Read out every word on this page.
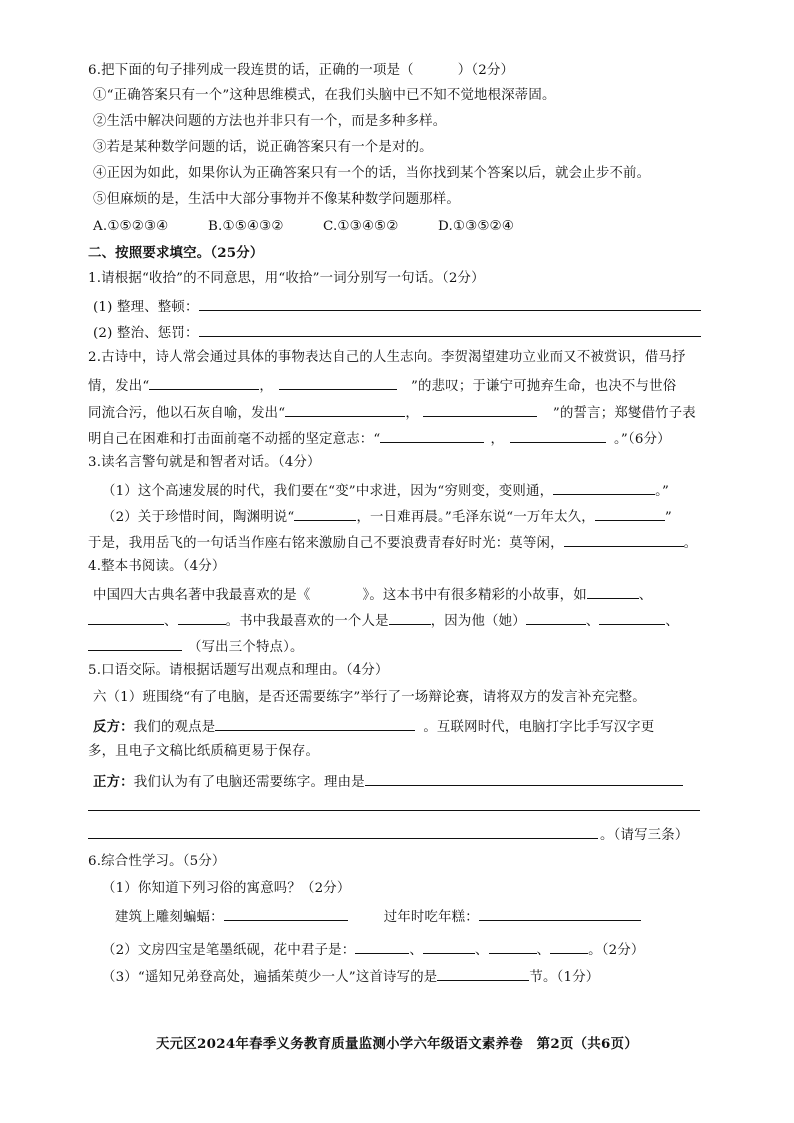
6.把下面的句子排列成一段连贯的话，正确的一项是（	）（2分）
①“正确答案只有一个”这种思维模式，在我们头脑中已不知不觉地根深蒂固。
②生活中解决问题的方法也并非只有一个，而是多种多样。
③若是某种数学问题的话，说正确答案只有一个是对的。
④正因为如此，如果你认为正确答案只有一个的话，当你找到某个答案以后，就会止步不前。
⑤但麻烦的是，生活中大部分事物并不像某种数学问题那样。
A.①⑤②③④	B.①⑤④③②	C.①③④⑤②	D.①③⑤②④
二、按照要求填空。（25分）
1.请根据“收拾”的不同意思，用“收拾”一词分别写一句话。（2分）
(1) 整理、整顿：
(2) 整治、惩罚：
2.古诗中，诗人常会通过具体的事物表达自己的人生志向。李贺渴望建功立业而又不被赏识，借马抒
情，发出“	，	”的悲叹；于谦宁可抛弃生命，也决不与世俗
同流合污，他以石灰自喻，发出“	，	”的誓言；郑燮借竹子表
明自己在困难和打击面前毫不动摇的坚定意志：“	，	。”（6分）
3.读名言警句就是和智者对话。（4分）
（1）这个高速发展的时代，我们要在“变”中求进，因为“穷则变，变则通，	。”
（2）关于珍惜时间，陶渊明说“	，一日难再晨。”毛泽东说“一万年太久，	”
于是，我用岳飞的一句话当作座右铭来激励自己不要浪费青春好时光：莫等闲，	。
4.整本书阅读。（4分）
中国四大古典名著中我最喜欢的是《	》。这本书中有很多精彩的小故事，如	、
、	。书中我最喜欢的一个人是	，因为他（她）	、	、
（写出三个特点）。
5.口语交际。请根据话题写出观点和理由。（4分）
六（1）班围绕“有了电脑，是否还需要练字”举行了一场辩论赛，请将双方的发言补充完整。
反方：我们的观点是	。互联网时代，电脑打字比手写汉字更
多，且电子文稿比纸质稿更易于保存。
正方：我们认为有了电脑还需要练字。理由是
。（请写三条）
6.综合性学习。（5分）
（1）你知道下列习俗的寓意吗？（2分）
建筑上雕刻蝙蝠：	过年时吃年糕：
（2）文房四宝是笔墨纸砚，花中君子是：	、	、	、	。（2分）
（3）“遥知兄弟登高处，遍插茱萸少一人”这首诗写的是	节。（1分）
天元区2024年春季义务教育质量监测小学六年级语文素养卷　第2页（共6页）
